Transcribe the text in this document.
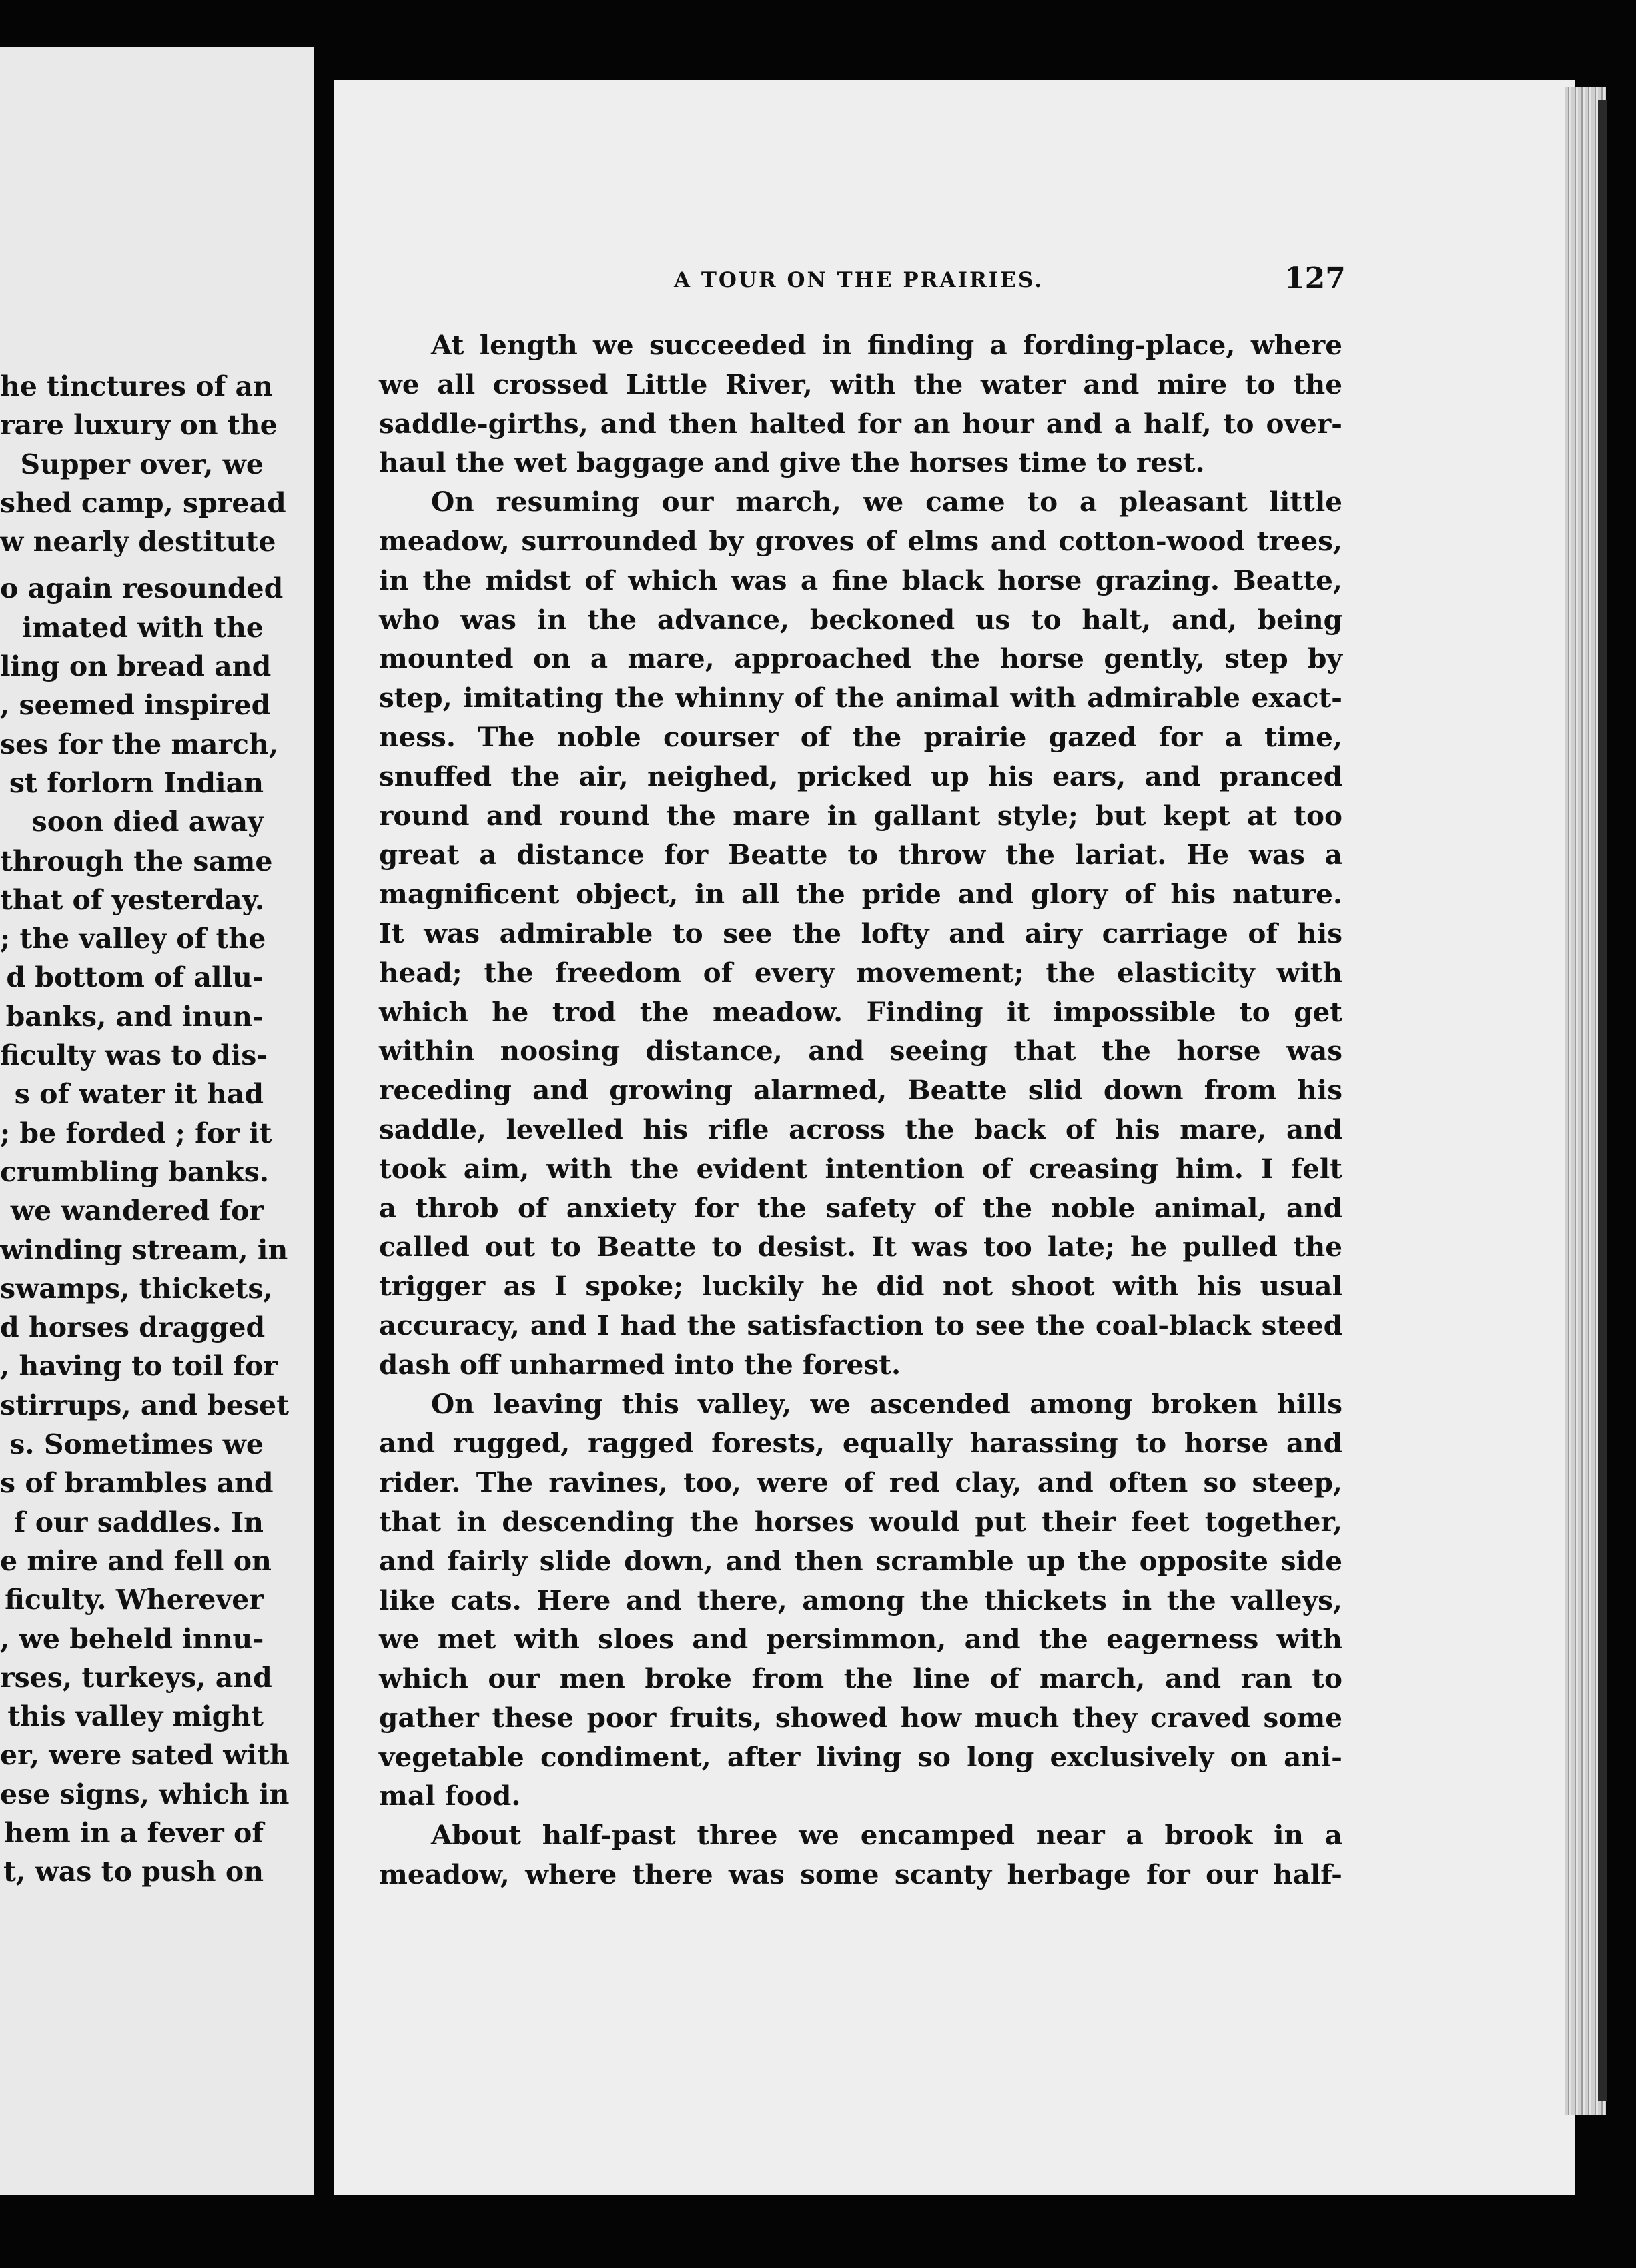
he tinctures of an
rare luxury on the
Supper over, we
shed camp, spread
w nearly destitute
o again resounded
imated with the
ling on bread and
, seemed inspired
ses for the march,
st forlorn Indian
soon died away
through the same
that of yesterday.
; the valley of the
d bottom of allu-
banks, and inun-
ficulty was to dis-
s of water it had
; be forded ; for it
crumbling banks.
we wandered for
winding stream, in
swamps, thickets,
d horses dragged
, having to toil for
stirrups, and beset
s. Sometimes we
s of brambles and
f our saddles. In
e mire and fell on
ficulty. Wherever
, we beheld innu-
rses, turkeys, and
this valley might
er, were sated with
ese signs, which in
hem in a fever of
t, was to push on
A TOUR ON THE PRAIRIES.	127
At length we succeeded in finding a fording-place, where
we all crossed Little River, with the water and mire to the
saddle-girths, and then halted for an hour and a half, to over-
haul the wet baggage and give the horses time to rest.
On resuming our march, we came to a pleasant little
meadow, surrounded by groves of elms and cotton-wood trees,
in the midst of which was a fine black horse grazing. Beatte,
who was in the advance, beckoned us to halt, and, being
mounted on a mare, approached the horse gently, step by
step, imitating the whinny of the animal with admirable exact-
ness. The noble courser of the prairie gazed for a time,
snuffed the air, neighed, pricked up his ears, and pranced
round and round the mare in gallant style; but kept at too
great a distance for Beatte to throw the lariat. He was a
magnificent object, in all the pride and glory of his nature.
It was admirable to see the lofty and airy carriage of his
head; the freedom of every movement; the elasticity with
which he trod the meadow. Finding it impossible to get
within noosing distance, and seeing that the horse was
receding and growing alarmed, Beatte slid down from his
saddle, levelled his rifle across the back of his mare, and
took aim, with the evident intention of creasing him. I felt
a throb of anxiety for the safety of the noble animal, and
called out to Beatte to desist. It was too late; he pulled the
trigger as I spoke; luckily he did not shoot with his usual
accuracy, and I had the satisfaction to see the coal-black steed
dash off unharmed into the forest.
On leaving this valley, we ascended among broken hills
and rugged, ragged forests, equally harassing to horse and
rider. The ravines, too, were of red clay, and often so steep,
that in descending the horses would put their feet together,
and fairly slide down, and then scramble up the opposite side
like cats. Here and there, among the thickets in the valleys,
we met with sloes and persimmon, and the eagerness with
which our men broke from the line of march, and ran to
gather these poor fruits, showed how much they craved some
vegetable condiment, after living so long exclusively on ani-
mal food.
About half-past three we encamped near a brook in a
meadow, where there was some scanty herbage for our half-
